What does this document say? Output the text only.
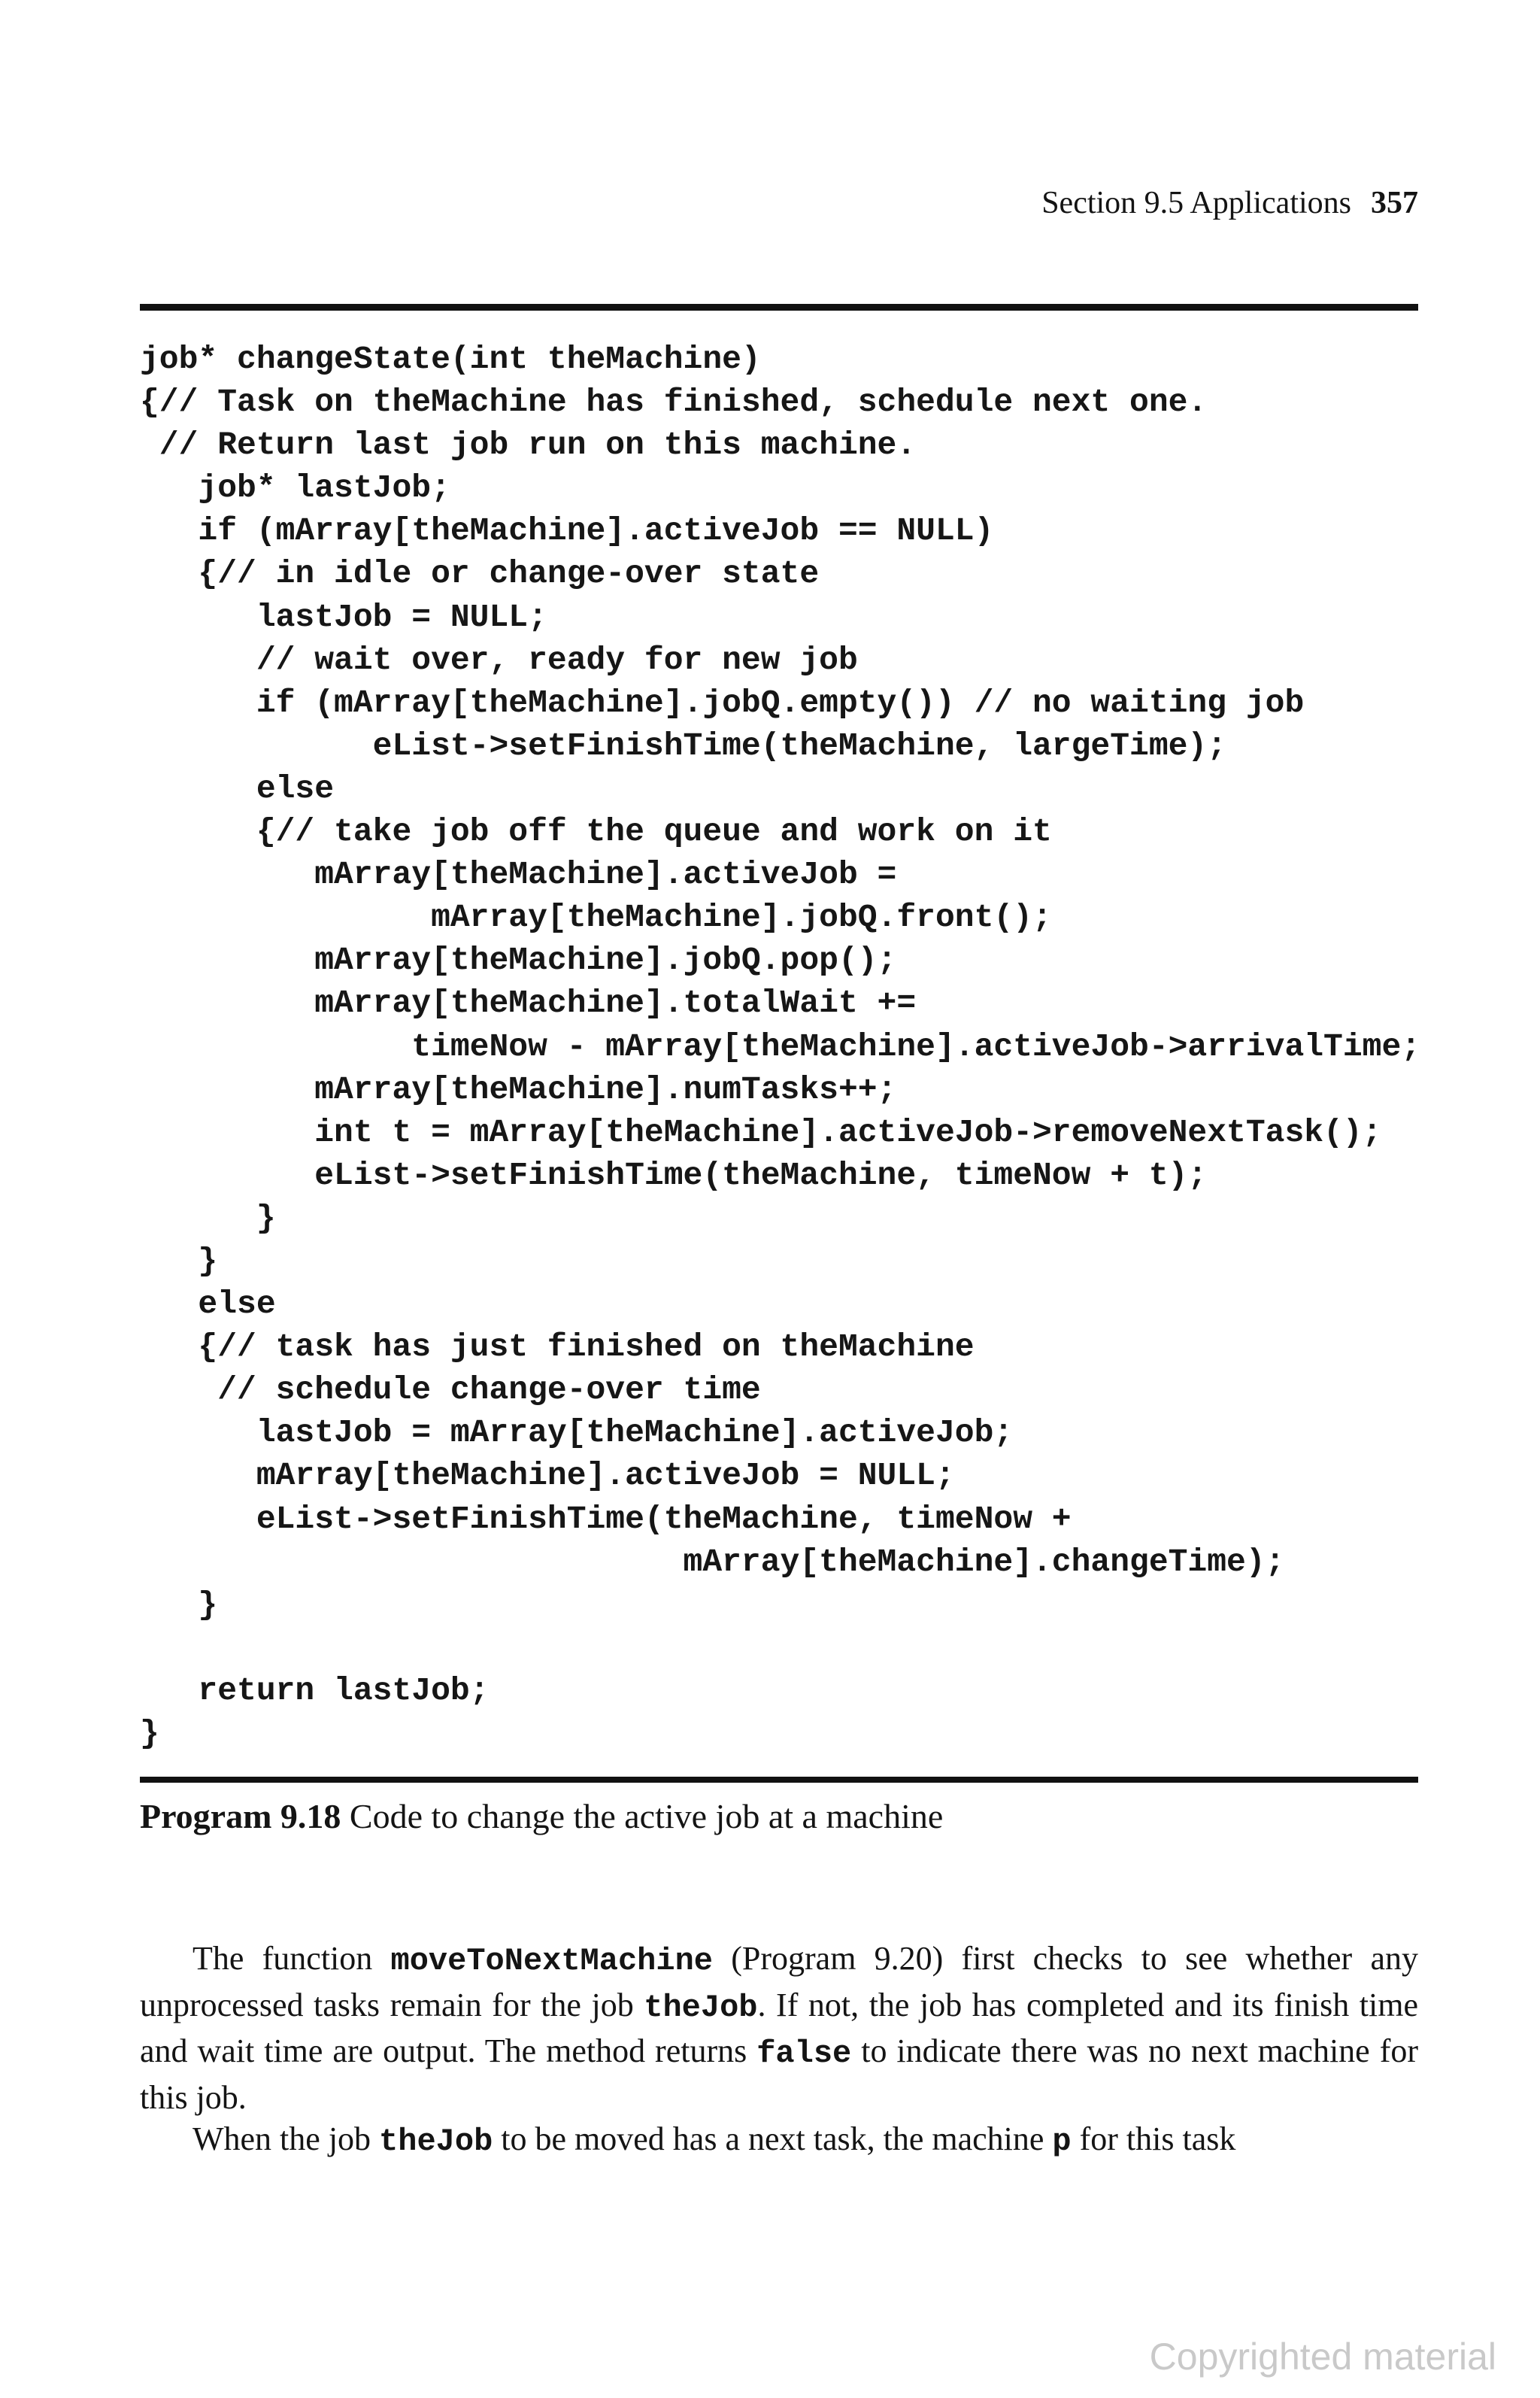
Section 9.5 Applications 357
job* changeState(int theMachine)
{// Task on theMachine has finished, schedule next one.
// Return last job run on this machine.
job* lastJob;
if (mArray[theMachine].activeJob == NULL)
{// in idle or change-over state
lastJob = NULL;
// wait over, ready for new job
if (mArray[theMachine].jobQ.empty()) // no waiting job
eList->setFinishTime(theMachine, largeTime);
else
{// take job off the queue and work on it
mArray[theMachine].activeJob =
mArray[theMachine].jobQ.front();
mArray[theMachine].jobQ.pop();
mArray[theMachine].totalWait +=
timeNow - mArray[theMachine].activeJob->arrivalTime;
mArray[theMachine].numTasks++;
int t = mArray[theMachine].activeJob->removeNextTask();
eList->setFinishTime(theMachine, timeNow + t);
}
}
else
{// task has just finished on theMachine
// schedule change-over time
lastJob = mArray[theMachine].activeJob;
mArray[theMachine].activeJob = NULL;
eList->setFinishTime(theMachine, timeNow +
mArray[theMachine].changeTime);
}

return lastJob;
}
Program 9.18 Code to change the active job at a machine

The function moveToNextMachine (Program 9.20) first checks to see whether any unprocessed tasks remain for the job theJob. If not, the job has completed and its finish time and wait time are output. The method returns false to indicate there was no next machine for this job.

When the job theJob to be moved has a next task, the machine p for this task

Copyrighted material
